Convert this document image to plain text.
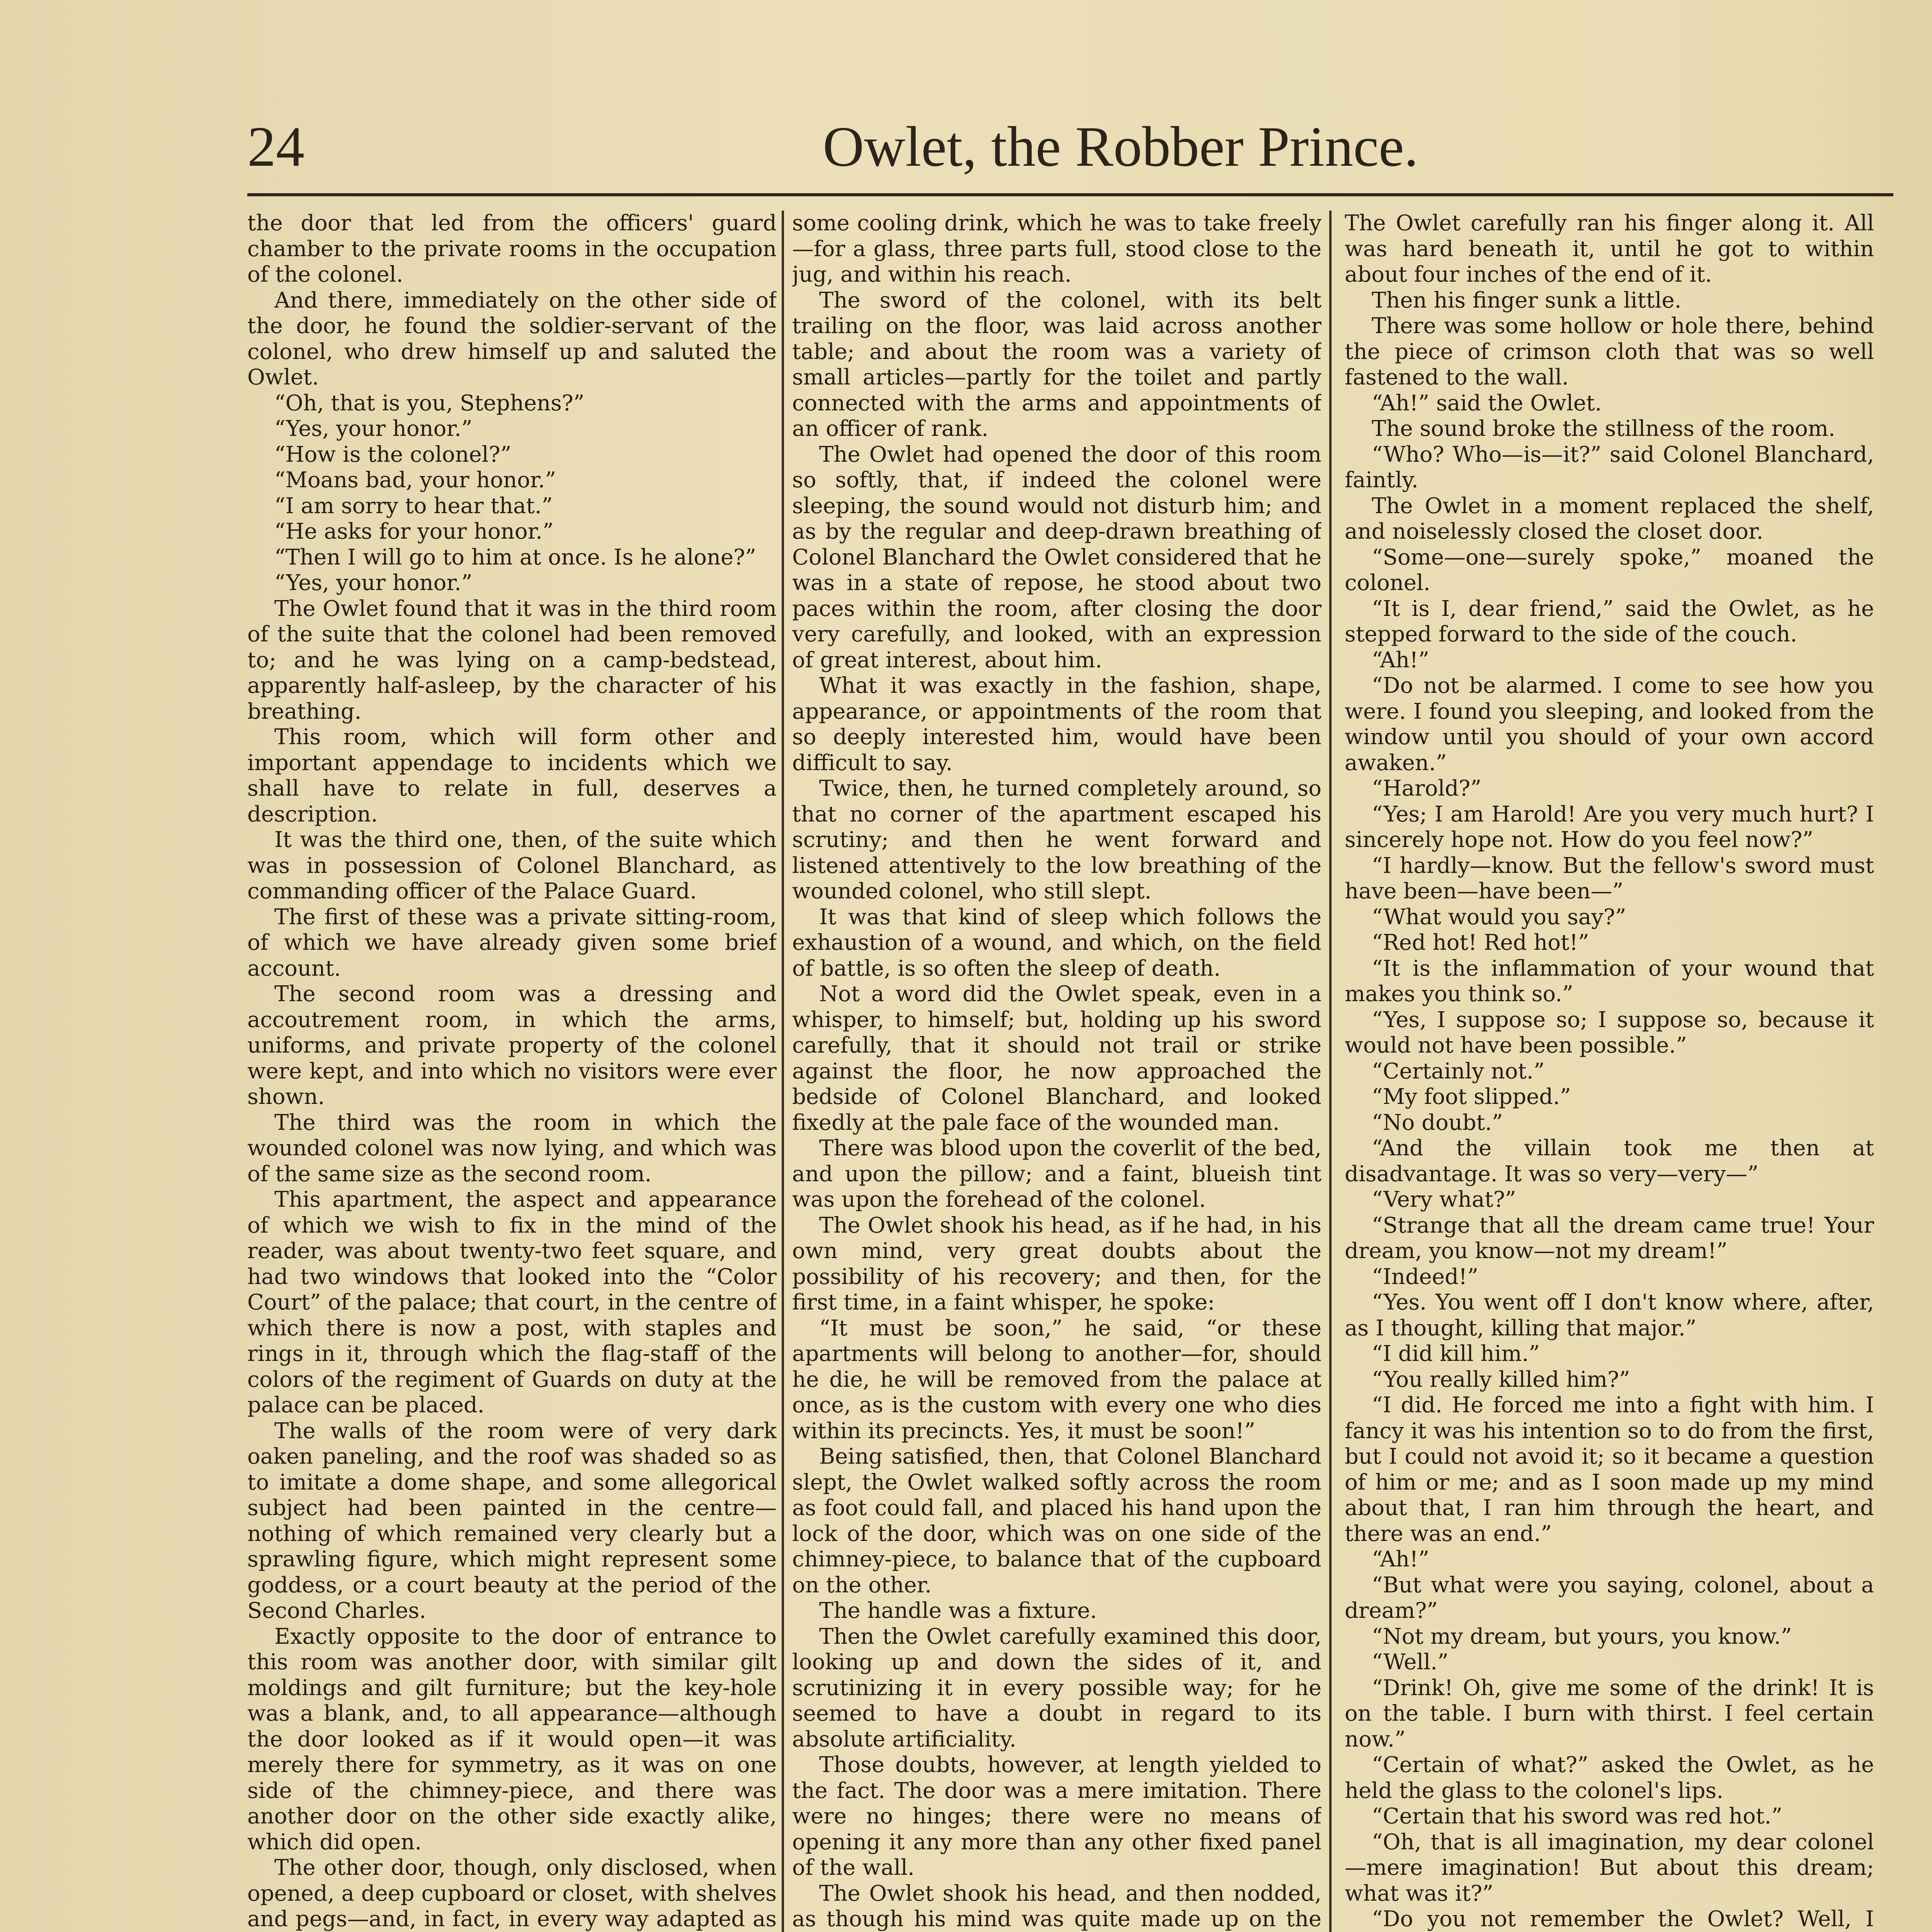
24	Owlet, the Robber Prince.

the door that led from the officers' guard chamber to the private rooms in the occupation of the colonel.

And there, immediately on the other side of the door, he found the soldier-servant of the colonel, who drew himself up and saluted the Owlet.

“Oh, that is you, Stephens?”

“Yes, your honor.”

“How is the colonel?”

“Moans bad, your honor.”

“I am sorry to hear that.”

“He asks for your honor.”

“Then I will go to him at once. Is he alone?”

“Yes, your honor.”

The Owlet found that it was in the third room of the suite that the colonel had been removed to; and he was lying on a camp-bedstead, apparently half-asleep, by the character of his breathing.

This room, which will form other and important appendage to incidents which we shall have to relate in full, deserves a description.

It was the third one, then, of the suite which was in possession of Colonel Blanchard, as commanding officer of the Palace Guard.

The first of these was a private sitting-room, of which we have already given some brief account.

The second room was a dressing and accoutrement room, in which the arms, uniforms, and private property of the colonel were kept, and into which no visitors were ever shown.

The third was the room in which the wounded colonel was now lying, and which was of the same size as the second room.

This apartment, the aspect and appearance of which we wish to fix in the mind of the reader, was about twenty-two feet square, and had two windows that looked into the “Color Court” of the palace; that court, in the centre of which there is now a post, with staples and rings in it, through which the flag-staff of the colors of the regiment of Guards on duty at the palace can be placed.

The walls of the room were of very dark oaken paneling, and the roof was shaded so as to imitate a dome shape, and some allegorical subject had been painted in the centre—nothing of which remained very clearly but a sprawling figure, which might represent some goddess, or a court beauty at the period of the Second Charles.

Exactly opposite to the door of entrance to this room was another door, with similar gilt moldings and gilt furniture; but the key-hole was a blank, and, to all appearance—although the door looked as if it would open—it was merely there for symmetry, as it was on one side of the chimney-piece, and there was another door on the other side exactly alike, which did open.

The other door, though, only disclosed, when opened, a deep cupboard or closet, with shelves and pegs—and, in fact, in every way adapted as

some cooling drink, which he was to take freely—for a glass, three parts full, stood close to the jug, and within his reach.

The sword of the colonel, with its belt trailing on the floor, was laid across another table; and about the room was a variety of small articles—partly for the toilet and partly connected with the arms and appointments of an officer of rank.

The Owlet had opened the door of this room so softly, that, if indeed the colonel were sleeping, the sound would not disturb him; and as by the regular and deep-drawn breathing of Colonel Blanchard the Owlet considered that he was in a state of repose, he stood about two paces within the room, after closing the door very carefully, and looked, with an expression of great interest, about him.

What it was exactly in the fashion, shape, appearance, or appointments of the room that so deeply interested him, would have been difficult to say.

Twice, then, he turned completely around, so that no corner of the apartment escaped his scrutiny; and then he went forward and listened attentively to the low breathing of the wounded colonel, who still slept.

It was that kind of sleep which follows the exhaustion of a wound, and which, on the field of battle, is so often the sleep of death.

Not a word did the Owlet speak, even in a whisper, to himself; but, holding up his sword carefully, that it should not trail or strike against the floor, he now approached the bedside of Colonel Blanchard, and looked fixedly at the pale face of the wounded man.

There was blood upon the coverlit of the bed, and upon the pillow; and a faint, blueish tint was upon the forehead of the colonel.

The Owlet shook his head, as if he had, in his own mind, very great doubts about the possibility of his recovery; and then, for the first time, in a faint whisper, he spoke:

“It must be soon,” he said, “or these apartments will belong to another—for, should he die, he will be removed from the palace at once, as is the custom with every one who dies within its precincts. Yes, it must be soon!”

Being satisfied, then, that Colonel Blanchard slept, the Owlet walked softly across the room as foot could fall, and placed his hand upon the lock of the door, which was on one side of the chimney-piece, to balance that of the cupboard on the other.

The handle was a fixture.

Then the Owlet carefully examined this door, looking up and down the sides of it, and scrutinizing it in every possible way; for he seemed to have a doubt in regard to its absolute artificiality.

Those doubts, however, at length yielded to the fact. The door was a mere imitation. There were no hinges; there were no means of opening it any more than any other fixed panel of the wall.

The Owlet shook his head, and then nodded, as though his mind was quite made up on the

The Owlet carefully ran his finger along it. All was hard beneath it, until he got to within about four inches of the end of it.

Then his finger sunk a little.

There was some hollow or hole there, behind the piece of crimson cloth that was so well fastened to the wall.

“Ah!” said the Owlet.

The sound broke the stillness of the room.

“Who? Who—is—it?” said Colonel Blanchard, faintly.

The Owlet in a moment replaced the shelf, and noiselessly closed the closet door.

“Some—one—surely spoke,” moaned the colonel.

“It is I, dear friend,” said the Owlet, as he stepped forward to the side of the couch.

“Ah!”

“Do not be alarmed. I come to see how you were. I found you sleeping, and looked from the window until you should of your own accord awaken.”

“Harold?”

“Yes; I am Harold! Are you very much hurt? I sincerely hope not. How do you feel now?”

“I hardly—know. But the fellow's sword must have been—have been—”

“What would you say?”

“Red hot! Red hot!”

“It is the inflammation of your wound that makes you think so.”

“Yes, I suppose so; I suppose so, because it would not have been possible.”

“Certainly not.”

“My foot slipped.”

“No doubt.”

“And the villain took me then at disadvantage. It was so very—very—”

“Very what?”

“Strange that all the dream came true! Your dream, you know—not my dream!”

“Indeed!”

“Yes. You went off I don't know where, after, as I thought, killing that major.”

“I did kill him.”

“You really killed him?”

“I did. He forced me into a fight with him. I fancy it was his intention so to do from the first, but I could not avoid it; so it became a question of him or me; and as I soon made up my mind about that, I ran him through the heart, and there was an end.”

“Ah!”

“But what were you saying, colonel, about a dream?”

“Not my dream, but yours, you know.”

“Well.”

“Drink! Oh, give me some of the drink! It is on the table. I burn with thirst. I feel certain now.”

“Certain of what?” asked the Owlet, as he held the glass to the colonel's lips.

“Certain that his sword was red hot.”

“Oh, that is all imagination, my dear colonel—mere imagination! But about this dream; what was it?”

“Do you not remember the Owlet? Well, I
